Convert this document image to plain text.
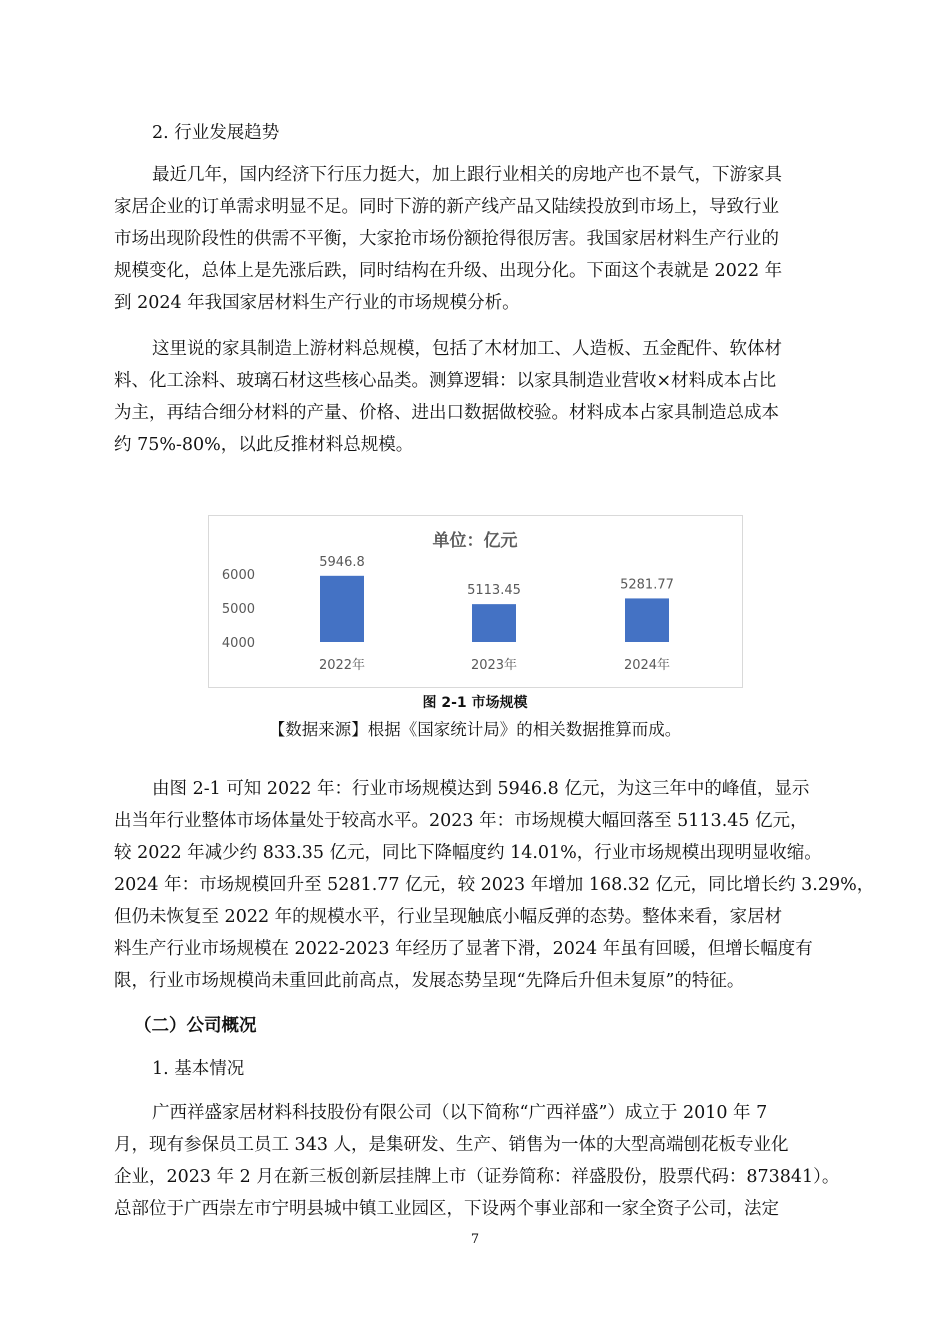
2. 行业发展趋势
最近几年，国内经济下行压力挺大，加上跟行业相关的房地产也不景气，下游家具
家居企业的订单需求明显不足。同时下游的新产线产品又陆续投放到市场上，导致行业
市场出现阶段性的供需不平衡，大家抢市场份额抢得很厉害。我国家居材料生产行业的
规模变化，总体上是先涨后跌，同时结构在升级、出现分化。下面这个表就是 2022 年
到 2024 年我国家居材料生产行业的市场规模分析。
这里说的家具制造上游材料总规模，包括了木材加工、人造板、五金配件、软体材
料、化工涂料、玻璃石材这些核心品类。测算逻辑：以家具制造业营收×材料成本占比
为主，再结合细分材料的产量、价格、进出口数据做校验。材料成本占家具制造总成本
约 75%-80%，以此反推材料总规模。
单位：亿元
6000
5000
4000
5946.8
2022年
5113.45
2023年
5281.77
2024年
图 2-1 市场规模
【数据来源】根据《国家统计局》的相关数据推算而成。
由图 2-1 可知 2022 年：行业市场规模达到 5946.8 亿元，为这三年中的峰值，显示
出当年行业整体市场体量处于较高水平。2023 年：市场规模大幅回落至 5113.45 亿元，
较 2022 年减少约 833.35 亿元，同比下降幅度约 14.01%，行业市场规模出现明显收缩。
2024 年：市场规模回升至 5281.77 亿元，较 2023 年增加 168.32 亿元，同比增长约 3.29%，
但仍未恢复至 2022 年的规模水平，行业呈现触底小幅反弹的态势。整体来看，家居材
料生产行业市场规模在 2022-2023 年经历了显著下滑，2024 年虽有回暖，但增长幅度有
限，行业市场规模尚未重回此前高点，发展态势呈现“先降后升但未复原”的特征。
（二）公司概况
1. 基本情况
广西祥盛家居材料科技股份有限公司（以下简称“广西祥盛”）成立于 2010 年 7
月，现有参保员工员工 343 人，是集研发、生产、销售为一体的大型高端刨花板专业化
企业，2023 年 2 月在新三板创新层挂牌上市（证券简称：祥盛股份，股票代码：873841）。
总部位于广西崇左市宁明县城中镇工业园区，下设两个事业部和一家全资子公司，法定
7
